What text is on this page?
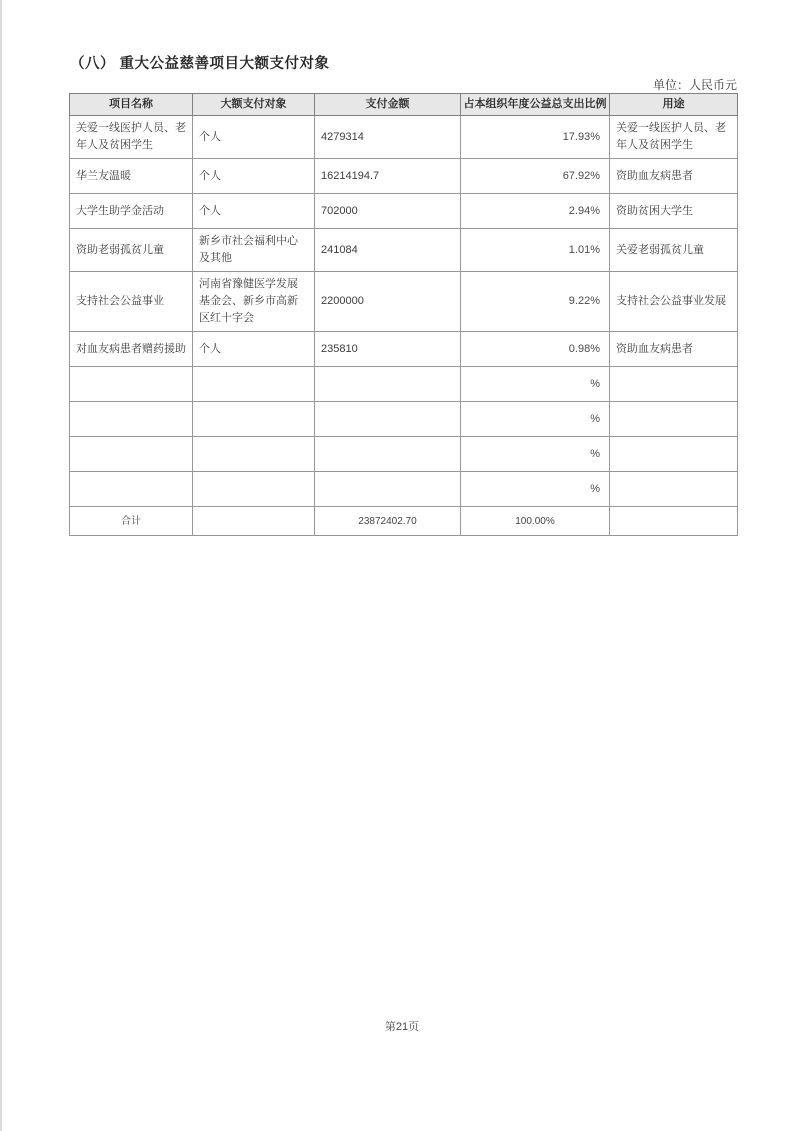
（八） 重大公益慈善项目大额支付对象
单位：人民币元
项目名称	大额支付对象	支付金额	占本组织年度公益总支出比例	用途
关爱一线医护人员、老年人及贫困学生	个人	4279314	17.93%	关爱一线医护人员、老年人及贫困学生
华兰友温暖	个人	16214194.7	67.92%	资助血友病患者
大学生助学金活动	个人	702000	2.94%	资助贫困大学生
资助老弱孤贫儿童	新乡市社会福利中心及其他	241084	1.01%	关爱老弱孤贫儿童
支持社会公益事业	河南省豫健医学发展基金会、新乡市高新区红十字会	2200000	9.22%	支持社会公益事业发展
对血友病患者赠药援助	个人	235810	0.98%	资助血友病患者
			%	
			%	
			%	
			%	
合计		23872402.70	100.00%	
第21页
